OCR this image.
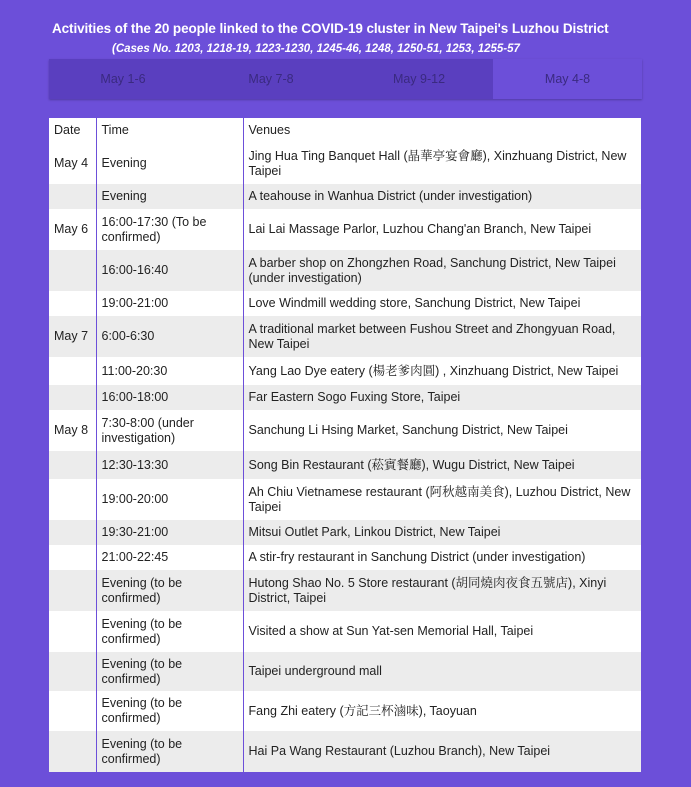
Activities of the 20 people linked to the COVID-19 cluster in New Taipei's Luzhou District
(Cases No. 1203, 1218-19, 1223-1230, 1245-46, 1248, 1250-51, 1253, 1255-57
May 1-6	May 7-8	May 9-12	May 4-8
Date	Time	Venues
May 4	Evening	Jing Hua Ting Banquet Hall (晶華亭宴會廳), Xinzhuang District, New Taipei
	Evening	A teahouse in Wanhua District (under investigation)
May 6	16:00-17:30 (To be confirmed)	Lai Lai Massage Parlor, Luzhou Chang'an Branch, New Taipei
	16:00-16:40	A barber shop on Zhongzhen Road, Sanchung District, New Taipei (under investigation)
	19:00-21:00	Love Windmill wedding store, Sanchung District, New Taipei
May 7	6:00-6:30	A traditional market between Fushou Street and Zhongyuan Road, New Taipei
	11:00-20:30	Yang Lao Dye eatery (楊老爹肉圓) , Xinzhuang District, New Taipei
	16:00-18:00	Far Eastern Sogo Fuxing Store, Taipei
May 8	7:30-8:00 (under investigation)	Sanchung Li Hsing Market, Sanchung District, New Taipei
	12:30-13:30	Song Bin Restaurant (菘賓餐廳), Wugu District, New Taipei
	19:00-20:00	Ah Chiu Vietnamese restaurant (阿秋越南美食), Luzhou District, New Taipei
	19:30-21:00	Mitsui Outlet Park, Linkou District, New Taipei
	21:00-22:45	A stir-fry restaurant in Sanchung District (under investigation)
	Evening (to be confirmed)	Hutong Shao No. 5 Store restaurant (胡同燒肉夜食五號店), Xinyi District, Taipei
	Evening (to be confirmed)	Visited a show at Sun Yat-sen Memorial Hall, Taipei
	Evening (to be confirmed)	Taipei underground mall
	Evening (to be confirmed)	Fang Zhi eatery (方記三杯滷味), Taoyuan
	Evening (to be confirmed)	Hai Pa Wang Restaurant (Luzhou Branch), New Taipei
